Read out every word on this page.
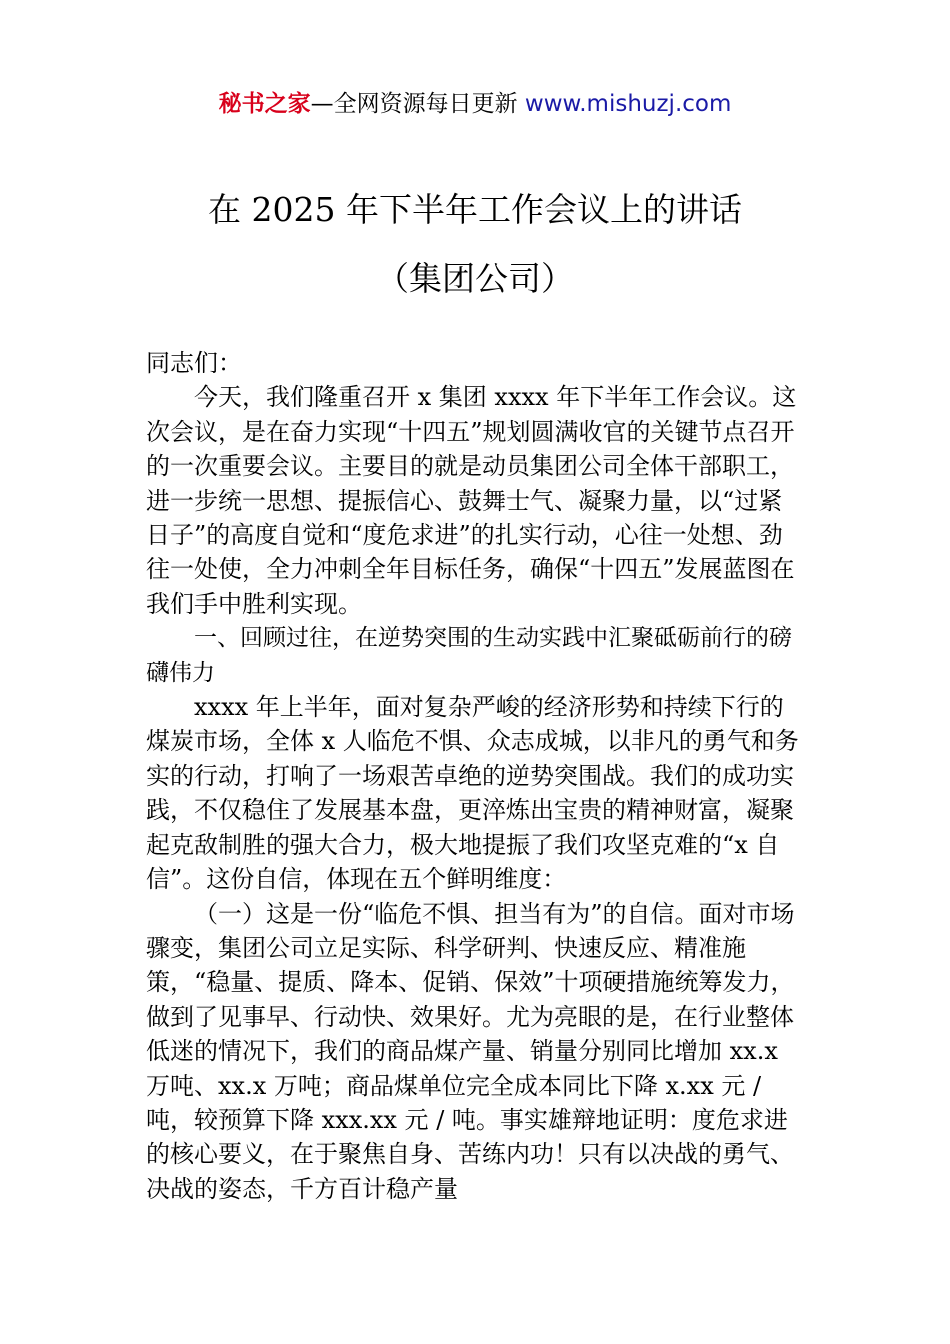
秘书之家—全网资源每日更新 www.mishuzj.com
在 2025 年下半年工作会议上的讲话
（集团公司）

同志们：

今天，我们隆重召开 x 集团 xxxx 年下半年工作会议。这次会议，是在奋力实现“十四五”规划圆满收官的关键节点召开的一次重要会议。主要目的就是动员集团公司全体干部职工，进一步统一思想、提振信心、鼓舞士气、凝聚力量，以“过紧日子”的高度自觉和“度危求进”的扎实行动，心往一处想、劲往一处使，全力冲刺全年目标任务，确保“十四五”发展蓝图在我们手中胜利实现。

一、回顾过往，在逆势突围的生动实践中汇聚砥砺前行的磅礴伟力

xxxx 年上半年，面对复杂严峻的经济形势和持续下行的煤炭市场，全体 x 人临危不惧、众志成城，以非凡的勇气和务实的行动，打响了一场艰苦卓绝的逆势突围战。我们的成功实践，不仅稳住了发展基本盘，更淬炼出宝贵的精神财富，凝聚起克敌制胜的强大合力，极大地提振了我们攻坚克难的“x 自信”。这份自信，体现在五个鲜明维度：

（一）这是一份“临危不惧、担当有为”的自信。面对市场骤变，集团公司立足实际、科学研判、快速反应、精准施策，“稳量、提质、降本、促销、保效”十项硬措施统筹发力，做到了见事早、行动快、效果好。尤为亮眼的是，在行业整体低迷的情况下，我们的商品煤产量、销量分别同比增加 xx.x 万吨、xx.x 万吨；商品煤单位完全成本同比下降 x.xx 元 / 吨，较预算下降 xxx.xx 元 / 吨。事实雄辩地证明：度危求进的核心要义，在于聚焦自身、苦练内功！只有以决战的勇气、决战的姿态，千方百计稳产量
